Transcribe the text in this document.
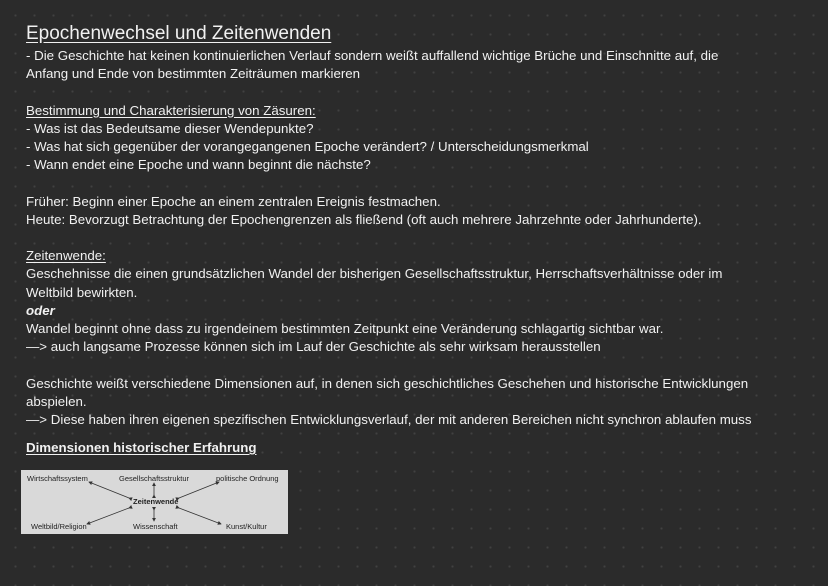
Epochenwechsel und Zeitenwenden
- Die Geschichte hat keinen kontinuierlichen Verlauf sondern weißt auffallend wichtige Brüche und Einschnitte auf, die
Anfang und Ende von bestimmten Zeiträumen markieren
Bestimmung und Charakterisierung von Zäsuren:
- Was ist das Bedeutsame dieser Wendepunkte?
- Was hat sich gegenüber der vorangegangenen Epoche verändert? / Unterscheidungsmerkmal
- Wann endet eine Epoche und wann beginnt die nächste?
Früher: Beginn einer Epoche an einem zentralen Ereignis festmachen.
Heute: Bevorzugt Betrachtung der Epochengrenzen als fließend (oft auch mehrere Jahrzehnte oder Jahrhunderte).
Zeitenwende:
Geschehnisse die einen grundsätzlichen Wandel der bisherigen Gesellschaftsstruktur, Herrschaftsverhältnisse oder im
Weltbild bewirkten.
oder
Wandel beginnt ohne dass zu irgendeinem bestimmten Zeitpunkt eine Veränderung schlagartig sichtbar war.
—> auch langsame Prozesse können sich im Lauf der Geschichte als sehr wirksam herausstellen
Geschichte weißt verschiedene Dimensionen auf, in denen sich geschichtliches Geschehen und historische Entwicklungen
abspielen.
—> Diese haben ihren eigenen spezifischen Entwicklungsverlauf, der mit anderen Bereichen nicht synchron ablaufen muss
Dimensionen historischer Erfahrung
Wirtschaftssystem	Gesellschaftsstruktur	politische Ordnung
Zeitenwende
Weltbild/Religion	Wissenschaft	Kunst/Kultur
